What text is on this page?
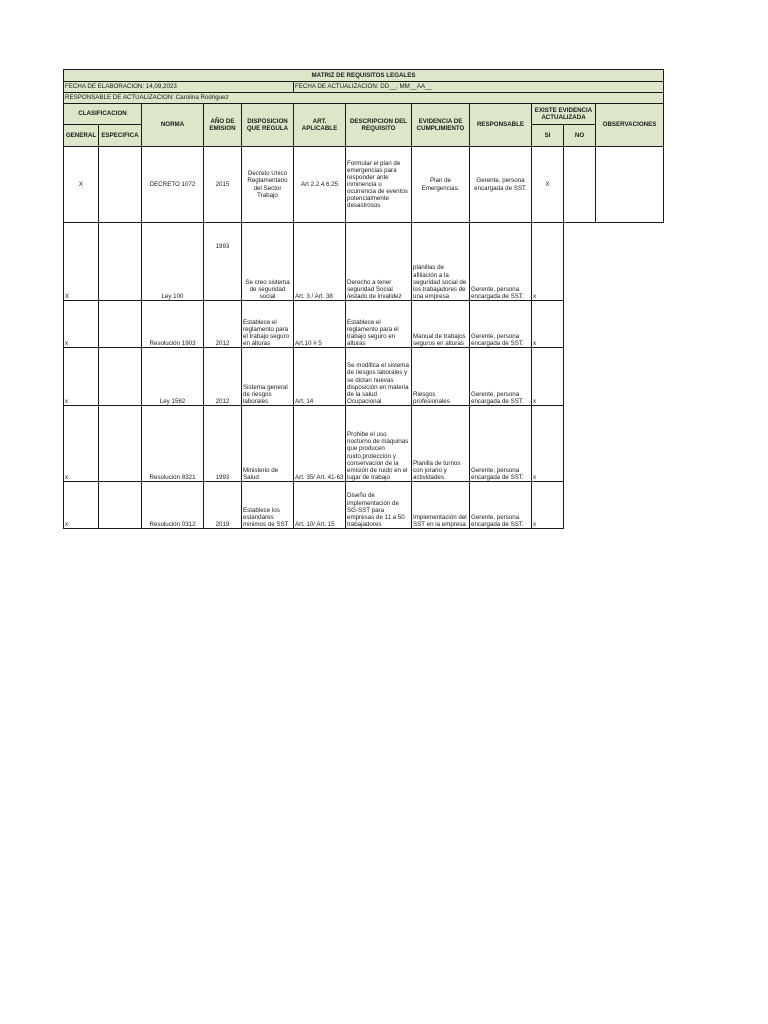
MATRIZ DE REQUISITOS LEGALES											
FECHA DE ELABORACION: 14,09,2023					FECHA DE ACTUALIZACION: DD__, MM__AA__						
RESPONSABLE DE ACTUALIZACION: Carolina Rodriguez											
CLASIFICACION		NORMA	AÑO DE EMISION	DISPOSICION QUE REGULA	ART. APLICABLE	DESCRIPCION DEL REQUISITO	EVIDENCIA DE CUMPLIMIENTO	RESPONSABLE	EXISTE EVIDENCIA ACTUALIZADA		OBSERVACIONES
GENERAL	ESPECIFICA								SI	NO	
X		DECRETO 1072	2015	Decreto Unico Reglamentario del Sector Trabajo	Art 2.2.4.6.25	Formular el plan de emergencias para responder ante inminencia u ocurrencia de eventos potencialmente desastrosos	Plan de Emergencias.	Gerente, persona encargada de SST.	X		
X		Ley 100	1993	Se creo sistema de seguridad social	Art. 3 / Art. 38	Derecho a tener seguridad Social /estado de invalidez	planillas de afiliación a la seguridad social de los trabajadores de una empresa	Gerente, persona encargada de SST.	x		
x		Resolución 1903	2012	Establece el reglamento para el trabajo seguro en alturas	Art.10 # 5	Establece el reglamento para el trabajo seguro en alturas	Manual de trabajos seguros en alturas	Gerente, persona encargada de SST.	x		
x		Ley 1562	2012	Sistema general de riesgos laborales	Art. 14	Se modifica el sistema de riesgos laborales y se dictan nuevas disposición en materia de la salud Ocupacional	Riesgos profesionales	Gerente, persona encargada de SST.	x		
x		Resolución 8321	1993	Ministerio de Salud	Art. 35/ Art. 41-63	Prohibe el uso nocturno de máquinas que producen ruido,protección y conservación de la emisión de ruido en el lugar de trabajo	Planilla de turnos con jorario y actividades	Gerente, persona encargada de SST.	x		
x		Resolución 0312	2019	Establece los estandares minimos de SST	Art. 10/ Art. 15	Diseño de implementación de SG-SST para empresas de 11 a 50 trabajadores	Implementación del SST en la empresa	Gerente, persona encargada de SST.	x		
